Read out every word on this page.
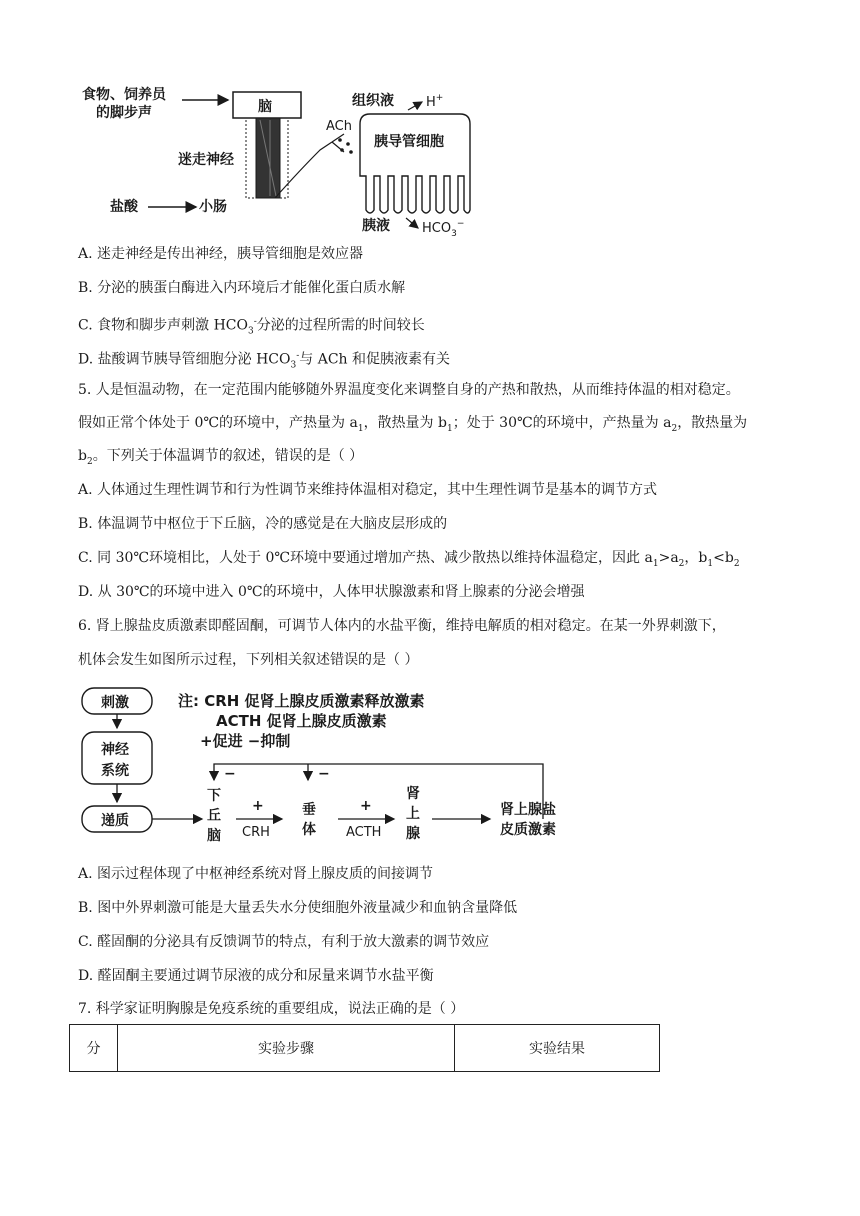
食物、饲养员
的脚步声	脑
迷走神经
盐酸	小肠
ACh
组织液 H+
胰导管细胞
胰液 $HCO_3^-$
A. 迷走神经是传出神经，胰导管细胞是效应器
B. 分泌的胰蛋白酶进入内环境后才能催化蛋白质水解
C. 食物和脚步声刺激 $HCO_3^-$分泌的过程所需的时间较长
D. 盐酸调节胰导管细胞分泌 $HCO_3^-$与 ACh 和促胰液素有关
5. 人是恒温动物，在一定范围内能够随外界温度变化来调整自身的产热和散热，从而维持体温的相对稳定。
假如正常个体处于 0℃的环境中，产热量为 $a_1$，散热量为 $b_1$；处于 30℃的环境中，产热量为 $a_2$，散热量为
$b_2$。下列关于体温调节的叙述，错误的是（ ）
A. 人体通过生理性调节和行为性调节来维持体温相对稳定，其中生理性调节是基本的调节方式
B. 体温调节中枢位于下丘脑，冷的感觉是在大脑皮层形成的
C. 同 30℃环境相比，人处于 0℃环境中要通过增加产热、减少散热以维持体温稳定，因此 $a_1>a_2$，$b_1<b_2$
D. 从 30℃的环境中进入 0℃的环境中，人体甲状腺激素和肾上腺素的分泌会增强
6. 肾上腺盐皮质激素即醛固酮，可调节人体内的水盐平衡，维持电解质的相对稳定。在某一外界刺激下，
机体会发生如图所示过程，下列相关叙述错误的是（ ）
刺激
神经
系统
递质
注: CRH 促肾上腺皮质激素释放激素
ACTH 促肾上腺皮质激素
+促进 −抑制
−	−
下
丘
脑
+
CRH
垂
体
+
ACTH
肾
上
腺
肾上腺盐
皮质激素
A. 图示过程体现了中枢神经系统对肾上腺皮质的间接调节
B. 图中外界刺激可能是大量丢失水分使细胞外液量减少和血钠含量降低
C. 醛固酮的分泌具有反馈调节的特点，有利于放大激素的调节效应
D. 醛固酮主要通过调节尿液的成分和尿量来调节水盐平衡
7. 科学家证明胸腺是免疫系统的重要组成，说法正确的是（ ）
分	实验步骤	实验结果
